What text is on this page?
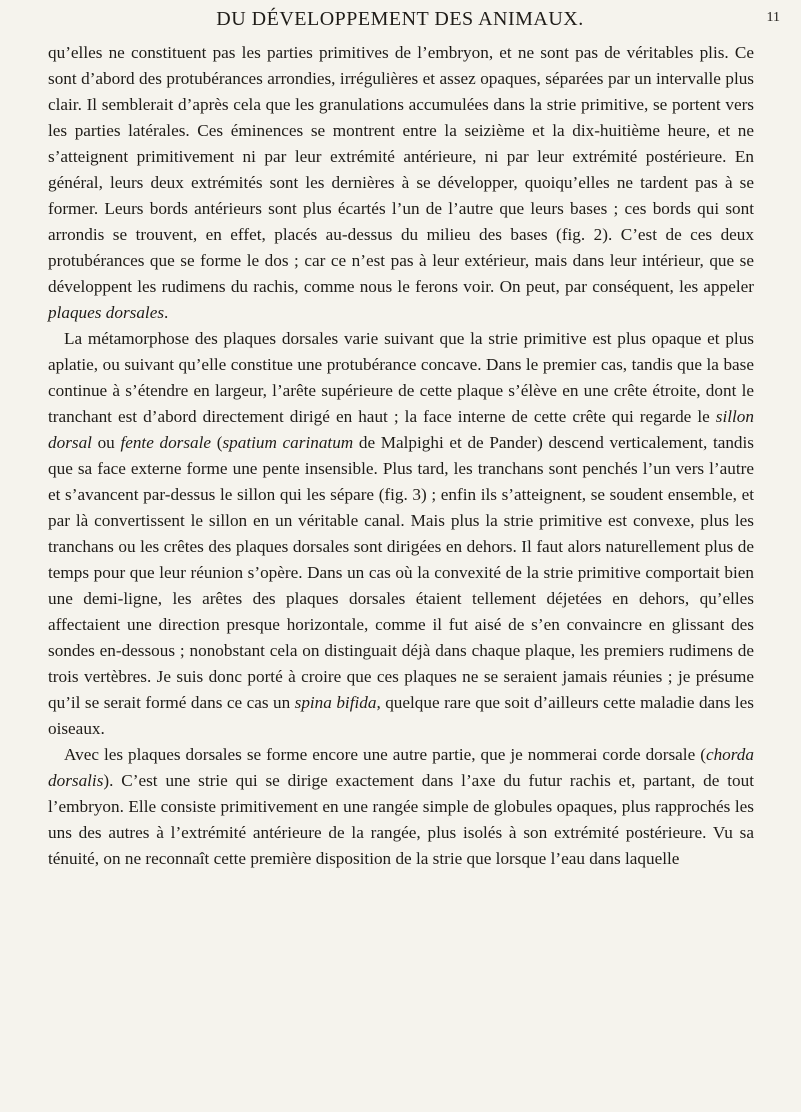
DU DÉVELOPPEMENT DES ANIMAUX.	11

qu’elles ne constituent pas les parties primitives de l’embryon, et ne sont pas de véritables plis. Ce sont d’abord des protubérances arrondies, irrégulières et assez opaques, séparées par un intervalle plus clair. Il semblerait d’après cela que les granulations accumulées dans la strie primitive, se portent vers les parties latérales. Ces éminences se montrent entre la seizième et la dix-huitième heure, et ne s’atteignent primitivement ni par leur extrémité antérieure, ni par leur extrémité postérieure. En général, leurs deux extrémités sont les dernières à se développer, quoiqu’elles ne tardent pas à se former. Leurs bords antérieurs sont plus écartés l’un de l’autre que leurs bases ; ces bords qui sont arrondis se trouvent, en effet, placés au-dessus du milieu des bases (fig. 2). C’est de ces deux protubérances que se forme le dos ; car ce n’est pas à leur extérieur, mais dans leur intérieur, que se développent les rudimens du rachis, comme nous le ferons voir. On peut, par conséquent, les appeler plaques dorsales.

La métamorphose des plaques dorsales varie suivant que la strie primitive est plus opaque et plus aplatie, ou suivant qu’elle constitue une protubérance concave. Dans le premier cas, tandis que la base continue à s’étendre en largeur, l’arête supérieure de cette plaque s’élève en une crête étroite, dont le tranchant est d’abord directement dirigé en haut ; la face interne de cette crête qui regarde le sillon dorsal ou fente dorsale (spatium carinatum de Malpighi et de Pander) descend verticalement, tandis que sa face externe forme une pente insensible. Plus tard, les tranchans sont penchés l’un vers l’autre et s’avancent par-dessus le sillon qui les sépare (fig. 3) ; enfin ils s’atteignent, se soudent ensemble, et par là convertissent le sillon en un véritable canal. Mais plus la strie primitive est convexe, plus les tranchans ou les crêtes des plaques dorsales sont dirigées en dehors. Il faut alors naturellement plus de temps pour que leur réunion s’opère. Dans un cas où la convexité de la strie primitive comportait bien une demi-ligne, les arêtes des plaques dorsales étaient tellement déjetées en dehors, qu’elles affectaient une direction presque horizontale, comme il fut aisé de s’en convaincre en glissant des sondes en-dessous ; nonobstant cela on distinguait déjà dans chaque plaque, les premiers rudimens de trois vertèbres. Je suis donc porté à croire que ces plaques ne se seraient jamais réunies ; je présume qu’il se serait formé dans ce cas un spina bifida, quelque rare que soit d’ailleurs cette maladie dans les oiseaux.

Avec les plaques dorsales se forme encore une autre partie, que je nommerai corde dorsale (chorda dorsalis). C’est une strie qui se dirige exactement dans l’axe du futur rachis et, partant, de tout l’embryon. Elle consiste primitivement en une rangée simple de globules opaques, plus rapprochés les uns des autres à l’extrémité antérieure de la rangée, plus isolés à son extrémité postérieure. Vu sa ténuité, on ne reconnaît cette première disposition de la strie que lorsque l’eau dans laquelle
